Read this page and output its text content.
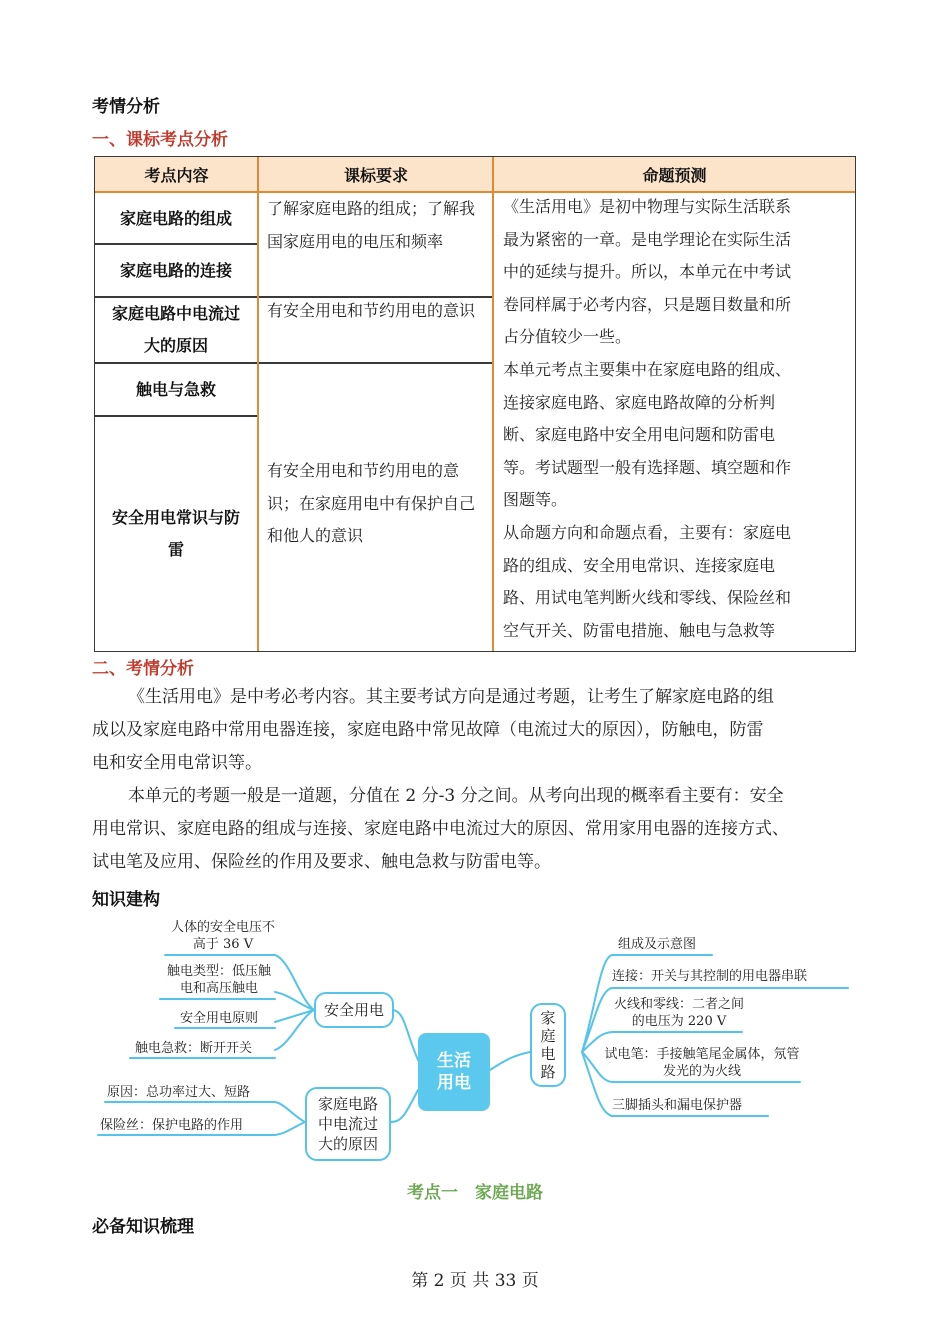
考情分析
一、课标考点分析
考点内容	课标要求	命题预测
家庭电路的组成
家庭电路的连接
家庭电路中电流过大的原因
触电与急救
安全用电常识与防雷
了解家庭电路的组成；了解我国家庭用电的电压和频率
有安全用电和节约用电的意识
有安全用电和节约用电的意识；在家庭用电中有保护自己和他人的意识
《生活用电》是初中物理与实际生活联系
最为紧密的一章。是电学理论在实际生活
中的延续与提升。所以，本单元在中考试
卷同样属于必考内容，只是题目数量和所
占分值较少一些。
本单元考点主要集中在家庭电路的组成、
连接家庭电路、家庭电路故障的分析判
断、家庭电路中安全用电问题和防雷电
等。考试题型一般有选择题、填空题和作
图题等。
从命题方向和命题点看，主要有：家庭电
路的组成、安全用电常识、连接家庭电
路、用试电笔判断火线和零线、保险丝和
空气开关、防雷电措施、触电与急救等
二、考情分析
《生活用电》是中考必考内容。其主要考试方向是通过考题，让考生了解家庭电路的组
成以及家庭电路中常用电器连接，家庭电路中常见故障（电流过大的原因），防触电，防雷
电和安全用电常识等。
本单元的考题一般是一道题，分值在 2 分-3 分之间。从考向出现的概率看主要有：安全
用电常识、家庭电路的组成与连接、家庭电路中电流过大的原因、常用家用电器的连接方式、
试电笔及应用、保险丝的作用及要求、触电急救与防雷电等。
知识建构
生活用电
安全用电
家庭电路中电流过大的原因
家庭电路
人体的安全电压不高于 36 V
触电类型：低压触电和高压触电
安全用电原则
触电急救：断开开关
原因：总功率过大、短路
保险丝：保护电路的作用
组成及示意图
连接：开关与其控制的用电器串联
火线和零线：二者之间的电压为 220 V
试电笔：手接触笔尾金属体，氖管发光的为火线
三脚插头和漏电保护器
考点一　家庭电路
必备知识梳理
第 2 页 共 33 页
